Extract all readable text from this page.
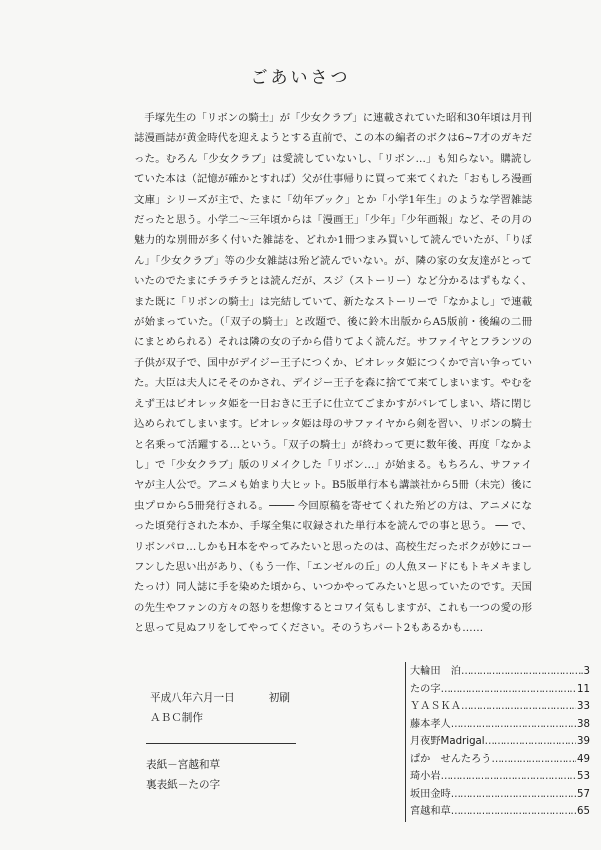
ごあいさつ

手塚先生の「リボンの騎士」が「少女クラブ」に連載されていた昭和30年頃は月刊誌漫画誌が黄金時代を迎えようとする直前で、この本の編者のボクは6~7才のガキだった。むろん「少女クラブ」は愛読していないし、「リボン…」も知らない。購読していた本は（記憶が確かとすれば）父が仕事帰りに買って来てくれた「おもしろ漫画文庫」シリーズが主で、たまに「幼年ブック」とか「小学1年生」のような学習雑誌だったと思う。小学二～三年頃からは「漫画王」「少年」「少年画報」など、その月の魅力的な別冊が多く付いた雑誌を、どれか1冊つまみ買いして読んでいたが、「りぼん」「少女クラブ」等の少女雑誌は殆ど読んでいない。が、隣の家の女友達がとっていたのでたまにチラチラとは読んだが、スジ（ストーリー）など分かるはずもなく、また既に「リボンの騎士」は完結していて、新たなストーリーで「なかよし」で連載が始まっていた。（「双子の騎士」と改題で、後に鈴木出版からA5版前・後編の二冊にまとめられる）それは隣の女の子から借りてよく読んだ。サファイヤとフランツの子供が双子で、国中がデイジー王子につくか、ビオレッタ姫につくかで言い争っていた。大臣は夫人にそそのかされ、デイジー王子を森に捨てて来てしまいます。やむをえず王はビオレッタ姫を一日おきに王子に仕立てごまかすがバレてしまい、塔に閉じ込められてしまいます。ビオレッタ姫は母のサファイヤから剣を習い、リボンの騎士と名乗って活躍する…という。「双子の騎士」が終わって更に数年後、再度「なかよし」で「少女クラブ」版のリメイクした「リボン…」が始まる。もちろん、サファイヤが主人公で。アニメも始まり大ヒット。B5版単行本も講談社から5冊（未完）後に虫プロから5冊発行される。──── 今回原稿を寄せてくれた殆どの方は、アニメになった頃発行された本か、手塚全集に収録された単行本を読んでの事と思う。 ── で、リボンパロ…しかもH本をやってみたいと思ったのは、高校生だったボクが妙にコーフンした思い出があり、（もう一作、「エンゼルの丘」の人魚ヌードにもトキメキましたっけ）同人誌に手を染めた頃から、いつかやってみたいと思っていたのです。天国の先生やファンの方々の怒りを想像するとコワイ気もしますが、これも一つの愛の形と思って見ぬフリをしてやってください。そのうちパート2もあるかも……

平成八年六月一日	初刷
ＡＢＣ制作
表紙－宮越和草
裏表紙－たの字
大輪田　泊 ………………………………………………	3
たの字 ………………………………………………	11
ＹＡＳＫＡ ………………………………………………	33
藤本孝人 ………………………………………………	38
月夜野Madrigal ………………………………………………	39
ぱか　せんたろう ………………………………………………	49
琦小岩 ………………………………………………	53
坂田金時 ………………………………………………	57
宮越和草 ………………………………………………	65
